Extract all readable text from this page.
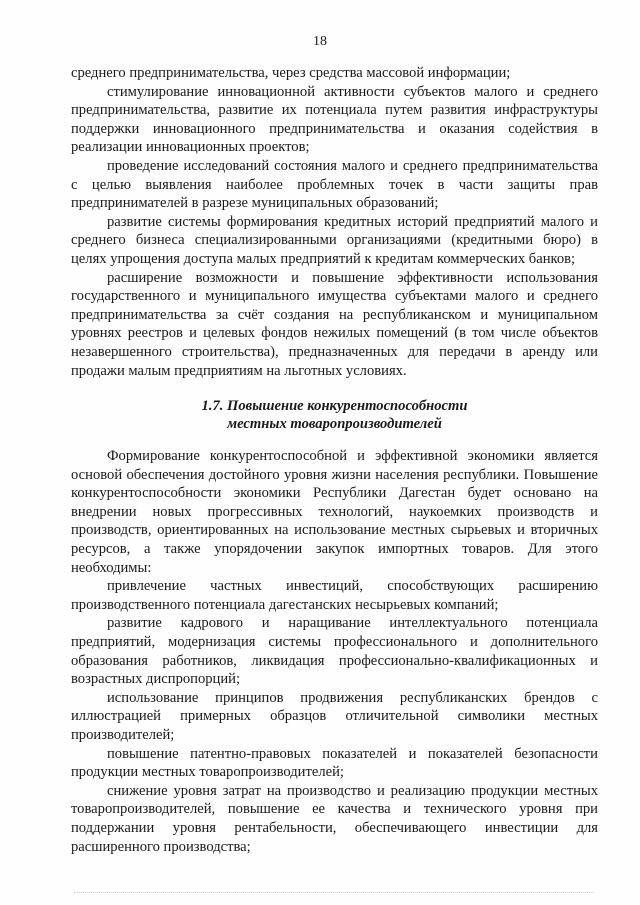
18

среднего предпринимательства, через средства массовой информации;

стимулирование инновационной активности субъектов малого и среднего предпринимательства, развитие их потенциала путем развития инфраструктуры поддержки инновационного предпринимательства и оказания содействия в реализации инновационных проектов;

проведение исследований состояния малого и среднего предпринимательства с целью выявления наиболее проблемных точек в части защиты прав предпринимателей в разрезе муниципальных образований;

развитие системы формирования кредитных историй предприятий малого и среднего бизнеса специализированными организациями (кредитными бюро) в целях упрощения доступа малых предприятий к кредитам коммерческих банков;

расширение возможности и повышение эффективности использования государственного и муниципального имущества субъектами малого и среднего предпринимательства за счёт создания на республиканском и муниципальном уровнях реестров и целевых фондов нежилых помещений (в том числе объектов незавершенного строительства), предназначенных для передачи в аренду или продажи малым предприятиям на льготных условиях.

1.7. Повышение конкурентоспособности
местных товаропроизводителей

Формирование конкурентоспособной и эффективной экономики является основой обеспечения достойного уровня жизни населения республики. Повышение конкурентоспособности экономики Республики Дагестан будет основано на внедрении новых прогрессивных технологий, наукоемких производств и производств, ориентированных на использование местных сырьевых и вторичных ресурсов, а также упорядочении закупок импортных товаров. Для этого необходимы:

привлечение частных инвестиций, способствующих расширению производственного потенциала дагестанских несырьевых компаний;

развитие кадрового и наращивание интеллектуального потенциала предприятий, модернизация системы профессионального и дополнительного образования работников, ликвидация профессионально-квалификационных и возрастных диспропорций;

использование принципов продвижения республиканских брендов с иллюстрацией примерных образцов отличительной символики местных производителей;

повышение патентно-правовых показателей и показателей безопасности продукции местных товаропроизводителей;

снижение уровня затрат на производство и реализацию продукции местных товаропроизводителей, повышение ее качества и технического уровня при поддержании уровня рентабельности, обеспечивающего инвестиции для расширенного производства;
